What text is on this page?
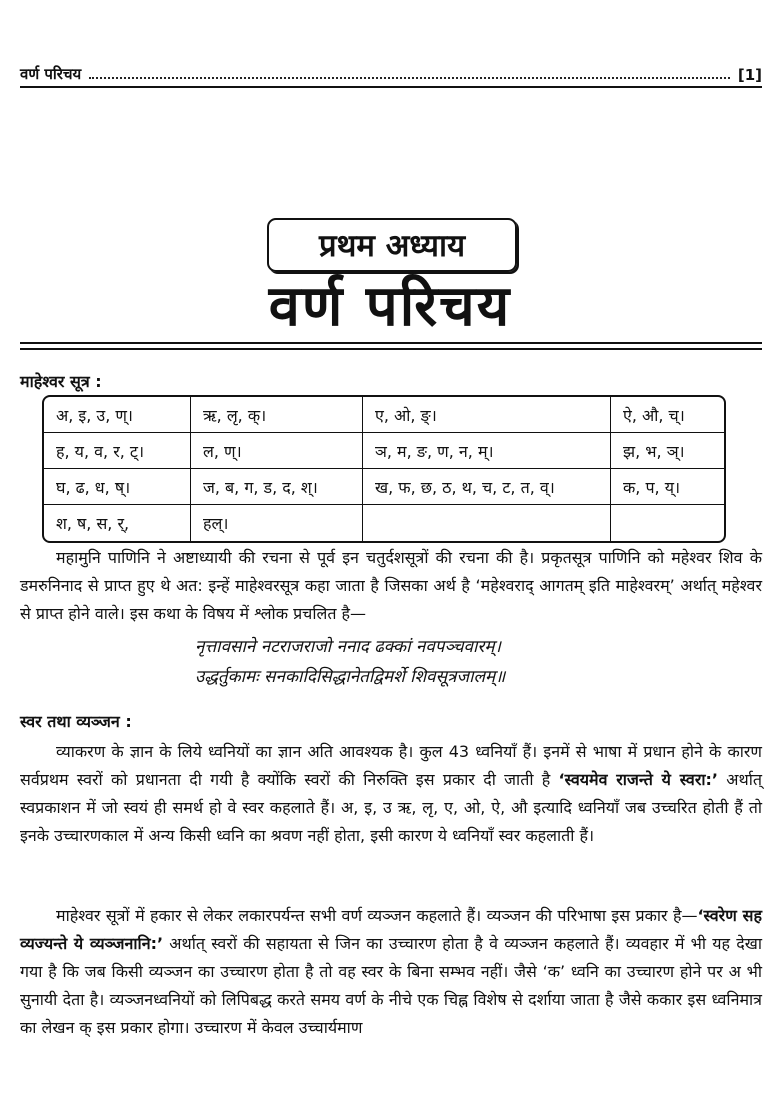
वर्ण परिचय	[1]
प्रथम अध्याय
वर्ण परिचय
माहेश्वर सूत्र :
अ, इ, उ, ण्।	ऋ, लृ, क्।	ए, ओ, ङ्।	ऐ, औ, च्।
ह, य, व, र, ट्।	ल, ण्।	ञ, म, ङ, ण, न, म्।	झ, भ, ञ्।
घ, ढ, ध, ष्।	ज, ब, ग, ड, द, श्।	ख, फ, छ, ठ, थ, च, ट, त, व्।	क, प, य्।
श, ष, स, र्,	हल्।

महामुनि पाणिनि ने अष्टाध्यायी की रचना से पूर्व इन चतुर्दशसूत्रों की रचना की है। प्रकृतसूत्र पाणिनि को महेश्वर शिव के डमरुनिनाद से प्राप्त हुए थे अत: इन्हें माहेश्वरसूत्र कहा जाता है जिसका अर्थ है ‘महेश्वराद् आगतम् इति माहेश्वरम्’ अर्थात् महेश्वर से प्राप्त होने वाले। इस कथा के विषय में श्लोक प्रचलित है—

नृत्तावसाने नटराजराजो ननाद ढक्कां नवपञ्चवारम्।
उद्धर्तुकामः सनकादिसिद्धानेतद्विमर्शे शिवसूत्रजालम्॥
स्वर तथा व्यञ्जन :

व्याकरण के ज्ञान के लिये ध्वनियों का ज्ञान अति आवश्यक है। कुल 43 ध्वनियाँ हैं। इनमें से भाषा में प्रधान होने के कारण सर्वप्रथम स्वरों को प्रधानता दी गयी है क्योंकि स्वरों की निरुक्ति इस प्रकार दी जाती है ‘स्वयमेव राजन्ते ये स्वरा:’ अर्थात् स्वप्रकाशन में जो स्वयं ही समर्थ हो वे स्वर कहलाते हैं। अ, इ, उ ऋ, लृ, ए, ओ, ऐ, औ इत्यादि ध्वनियाँ जब उच्चरित होती हैं तो इनके उच्चारणकाल में अन्य किसी ध्वनि का श्रवण नहीं होता, इसी कारण ये ध्वनियाँ स्वर कहलाती हैं।

माहेश्वर सूत्रों में हकार से लेकर लकारपर्यन्त सभी वर्ण व्यञ्जन कहलाते हैं। व्यञ्जन की परिभाषा इस प्रकार है—‘स्वरेण सह व्यज्यन्ते ये व्यञ्जनानि:’ अर्थात् स्वरों की सहायता से जिन का उच्चारण होता है वे व्यञ्जन कहलाते हैं। व्यवहार में भी यह देखा गया है कि जब किसी व्यञ्जन का उच्चारण होता है तो वह स्वर के बिना सम्भव नहीं। जैसे ‘क’ ध्वनि का उच्चारण होने पर अ भी सुनायी देता है। व्यञ्जनध्वनियों को लिपिबद्ध करते समय वर्ण के नीचे एक चिह्न विशेष से दर्शाया जाता है जैसे ककार इस ध्वनिमात्र का लेखन क् इस प्रकार होगा। उच्चारण में केवल उच्चार्यमाण
